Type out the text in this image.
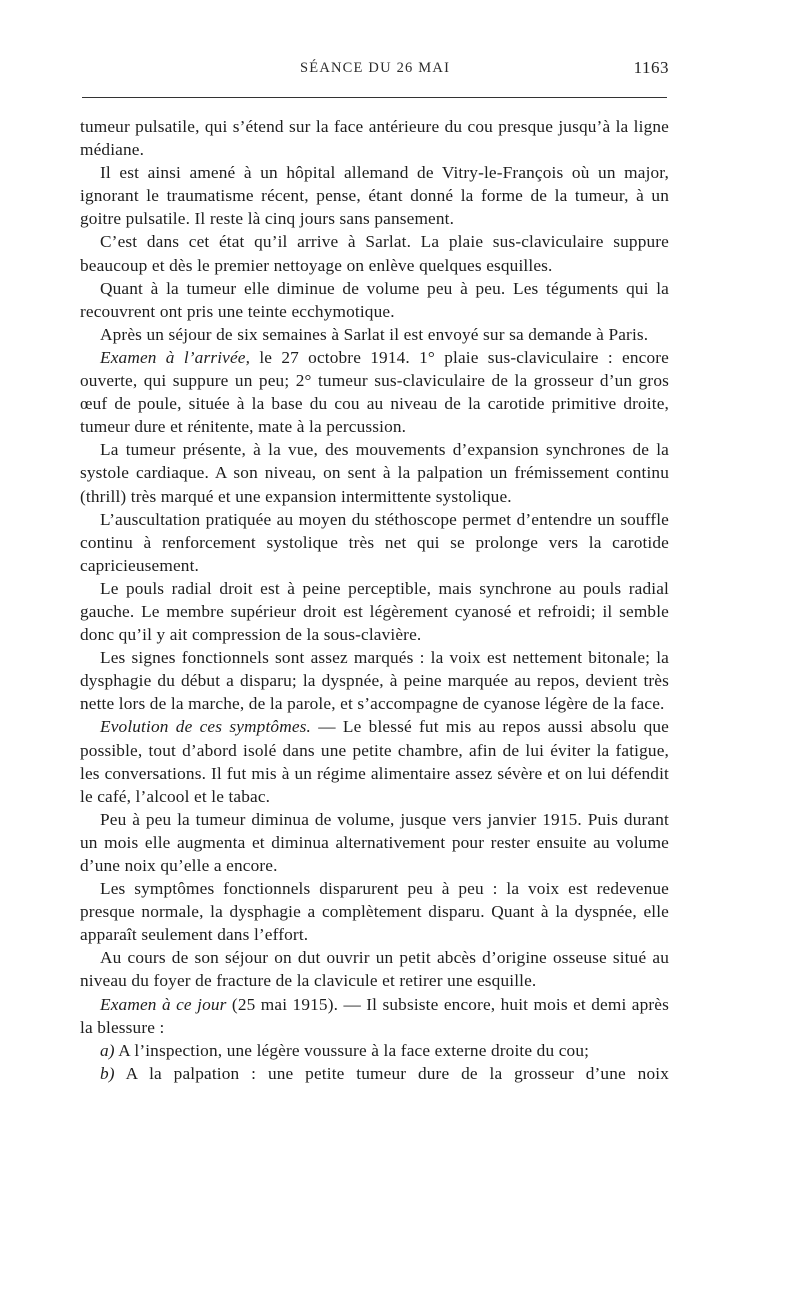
SÉANCE DU 26 MAI	1163

tumeur pulsatile, qui s’étend sur la face antérieure du cou presque jusqu’à la ligne médiane.

Il est ainsi amené à un hôpital allemand de Vitry-le-François où un major, ignorant le traumatisme récent, pense, étant donné la forme de la tumeur, à un goitre pulsatile. Il reste là cinq jours sans pansement.

C’est dans cet état qu’il arrive à Sarlat. La plaie sus-claviculaire suppure beaucoup et dès le premier nettoyage on enlève quelques esquilles.

Quant à la tumeur elle diminue de volume peu à peu. Les téguments qui la recouvrent ont pris une teinte ecchymotique.

Après un séjour de six semaines à Sarlat il est envoyé sur sa demande à Paris.

Examen à l’arrivée, le 27 octobre 1914. 1° plaie sus-claviculaire : encore ouverte, qui suppure un peu; 2° tumeur sus-claviculaire de la grosseur d’un gros œuf de poule, située à la base du cou au niveau de la carotide primitive droite, tumeur dure et rénitente, mate à la percussion.

La tumeur présente, à la vue, des mouvements d’expansion synchrones de la systole cardiaque. A son niveau, on sent à la palpation un frémissement continu (thrill) très marqué et une expansion intermittente systolique.

L’auscultation pratiquée au moyen du stéthoscope permet d’entendre un souffle continu à renforcement systolique très net qui se prolonge vers la carotide capricieusement.

Le pouls radial droit est à peine perceptible, mais synchrone au pouls radial gauche. Le membre supérieur droit est légèrement cyanosé et refroidi; il semble donc qu’il y ait compression de la sous-clavière.

Les signes fonctionnels sont assez marqués : la voix est nettement bitonale; la dysphagie du début a disparu; la dyspnée, à peine marquée au repos, devient très nette lors de la marche, de la parole, et s’accompagne de cyanose légère de la face.

Evolution de ces symptômes. — Le blessé fut mis au repos aussi absolu que possible, tout d’abord isolé dans une petite chambre, afin de lui éviter la fatigue, les conversations. Il fut mis à un régime alimentaire assez sévère et on lui défendit le café, l’alcool et le tabac.

Peu à peu la tumeur diminua de volume, jusque vers janvier 1915. Puis durant un mois elle augmenta et diminua alternativement pour rester ensuite au volume d’une noix qu’elle a encore.

Les symptômes fonctionnels disparurent peu à peu : la voix est redevenue presque normale, la dysphagie a complètement disparu. Quant à la dyspnée, elle apparaît seulement dans l’effort.

Au cours de son séjour on dut ouvrir un petit abcès d’origine osseuse situé au niveau du foyer de fracture de la clavicule et retirer une esquille.

Examen à ce jour (25 mai 1915). — Il subsiste encore, huit mois et demi après la blessure :

a) A l’inspection, une légère voussure à la face externe droite du cou;

b) A la palpation : une petite tumeur dure de la grosseur d’une noix
